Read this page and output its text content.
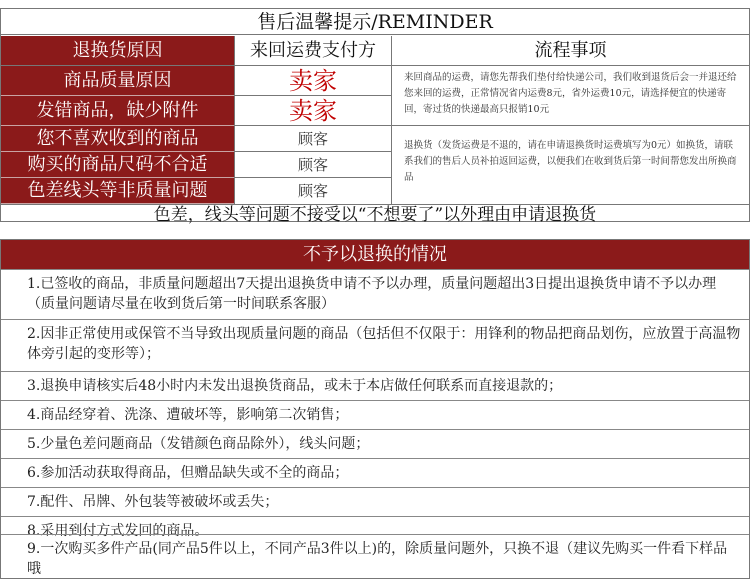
售后温馨提示/REMINDER
退换货原因	来回运费支付方	流程事项
商品质量原因
发错商品，缺少附件
您不喜欢收到的商品
购买的商品尺码不合适
色差线头等非质量问题
卖家
卖家
顾客
顾客
顾客
来回商品的运费，请您先帮我们垫付给快递公司，我们收到退货后会一并退还给您来回的运费，正常情况省内运费8元，省外运费10元，请选择便宜的快递寄回，寄过货的快递最高只报销10元
退换货（发货运费是不退的，请在申请退换货时运费填写为0元）如换货，请联系我们的售后人员补拍返回运费，以便我们在收到货后第一时间帮您发出所换商品
色差，线头等问题不接受以“不想要了”以外理由申请退换货
不予以退换的情况
1.已签收的商品，非质量问题超出7天提出退换货申请不予以办理，质量问题超出3日提出退换货申请不予以办理（质量问题请尽量在收到货后第一时间联系客服）
2.因非正常使用或保管不当导致出现质量问题的商品（包括但不仅限于：用锋利的物品把商品划伤，应放置于高温物体旁引起的变形等）；
3.退换申请核实后48小时内未发出退换货商品，或未于本店做任何联系而直接退款的；
4.商品经穿着、洗涤、遭破坏等，影响第二次销售；
5.少量色差问题商品（发错颜色商品除外），线头问题；
6.参加活动获取得商品，但赠品缺失或不全的商品；
7.配件、吊牌、外包装等被破坏或丢失；
8.采用到付方式发回的商品。
9.一次购买多件产品(同产品5件以上，不同产品3件以上)的，除质量问题外，只换不退（建议先购买一件看下样品哦
